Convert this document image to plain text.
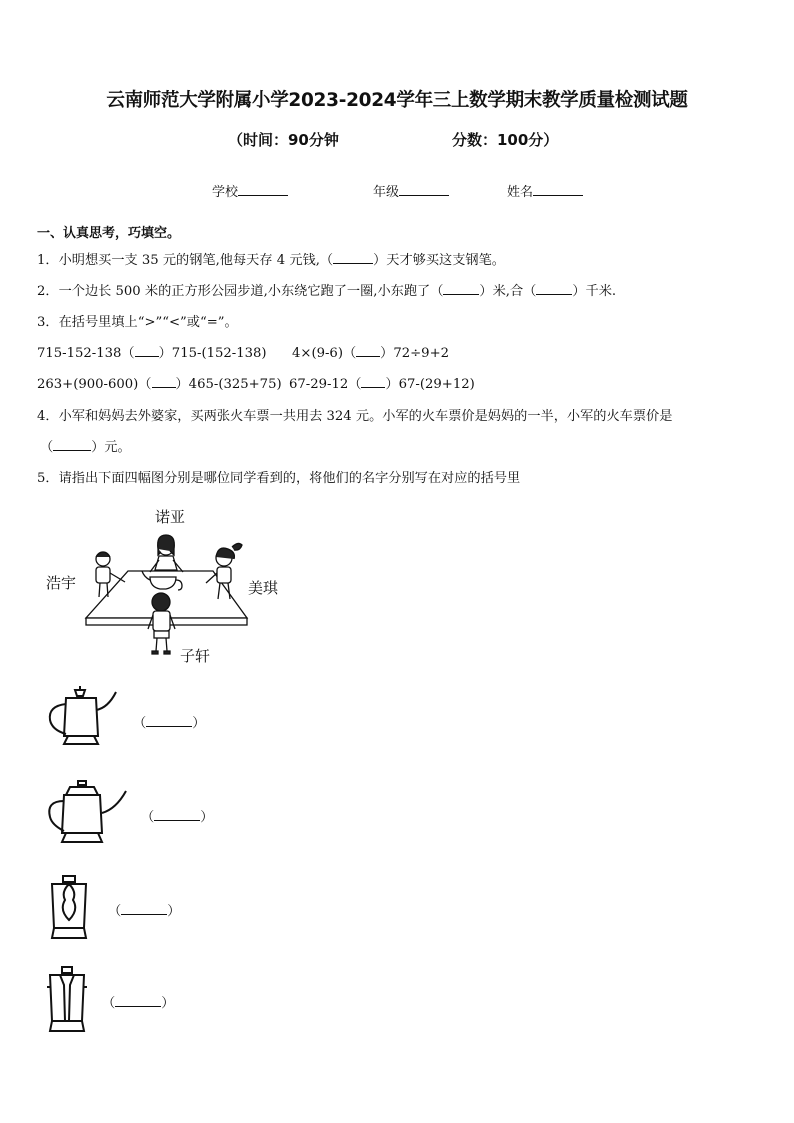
云南师范大学附属小学2023-2024学年三上数学期末教学质量检测试题
（时间：90分钟	分数：100分）
学校	年级	姓名
一、认真思考，巧填空。
1．小明想买一支 35 元的钢笔,他每天存 4 元钱,（	）天才够买这支钢笔。
2．一个边长 500 米的正方形公园步道,小东绕它跑了一圈,小东跑了（	）米,合（	）千米.
3．在括号里填上“>”“<”或“=”。
715-152-138（ ）715-(152-138) 4×(9-6)（ ）72÷9+2
263+(900-600)（ ）465-(325+75) 67-29-12（ ）67-(29+12)
4．小军和妈妈去外婆家，买两张火车票一共用去 324 元。小军的火车票价是妈妈的一半，小军的火车票价是
（	）元。
5．请指出下面四幅图分别是哪位同学看到的，将他们的名字分别写在对应的括号里
诺亚
浩宇	美琪
子轩
（	）
（	）
（	）
（	）
